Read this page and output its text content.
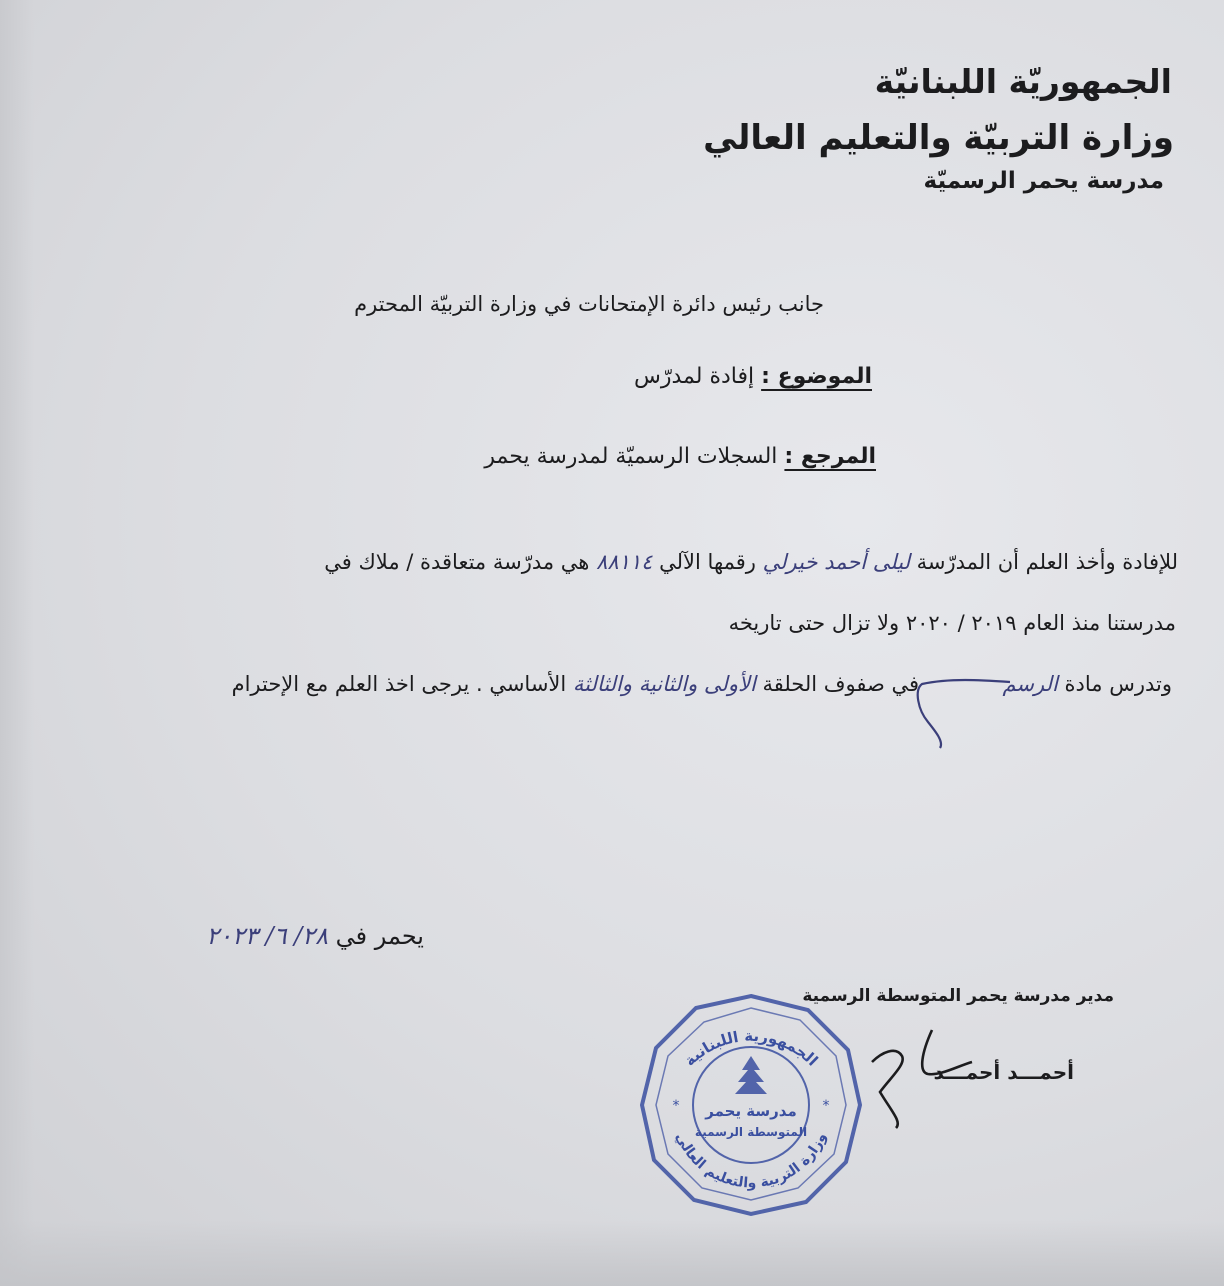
الجمهوريّة اللبنانيّة
وزارة التربيّة والتعليم العالي
مدرسة يحمر الرسميّة
جانب رئيس دائرة الإمتحانات في وزارة التربيّة المحترم
الموضوع : إفادة لمدرّس
المرجع : السجلات الرسميّة لمدرسة يحمر
للإفادة وأخذ العلم أن المدرّسة ليلى أحمد خيرلي رقمها الآلي ٨٨١١٤ هي مدرّسة متعاقدة / ملاك في
مدرستنا منذ العام ٢٠١٩ / ٢٠٢٠ ولا تزال حتى تاريخه
وتدرس مادة الرسم  في صفوف الحلقة الأولى والثانية والثالثة الأساسي . يرجى اخذ العلم مع الإحترام
يحمر في ٢٨/ ٦/ ٢٠٢٣
مدير مدرسة يحمر المتوسطة الرسمية
أحمـــد أحمـــد
الجمهورية اللبنانية
وزارة التربية والتعليم العالي
مدرسة يحمر
المتوسطة الرسمية
*	*
